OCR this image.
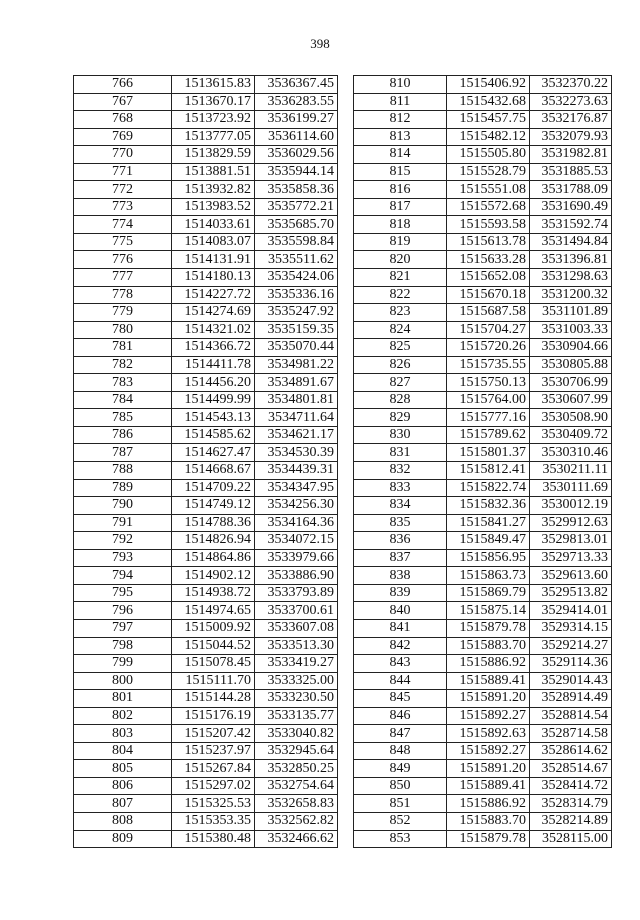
398
766	1513615.83	3536367.45
767	1513670.17	3536283.55
768	1513723.92	3536199.27
769	1513777.05	3536114.60
770	1513829.59	3536029.56
771	1513881.51	3535944.14
772	1513932.82	3535858.36
773	1513983.52	3535772.21
774	1514033.61	3535685.70
775	1514083.07	3535598.84
776	1514131.91	3535511.62
777	1514180.13	3535424.06
778	1514227.72	3535336.16
779	1514274.69	3535247.92
780	1514321.02	3535159.35
781	1514366.72	3535070.44
782	1514411.78	3534981.22
783	1514456.20	3534891.67
784	1514499.99	3534801.81
785	1514543.13	3534711.64
786	1514585.62	3534621.17
787	1514627.47	3534530.39
788	1514668.67	3534439.31
789	1514709.22	3534347.95
790	1514749.12	3534256.30
791	1514788.36	3534164.36
792	1514826.94	3534072.15
793	1514864.86	3533979.66
794	1514902.12	3533886.90
795	1514938.72	3533793.89
796	1514974.65	3533700.61
797	1515009.92	3533607.08
798	1515044.52	3533513.30
799	1515078.45	3533419.27
800	1515111.70	3533325.00
801	1515144.28	3533230.50
802	1515176.19	3533135.77
803	1515207.42	3533040.82
804	1515237.97	3532945.64
805	1515267.84	3532850.25
806	1515297.02	3532754.64
807	1515325.53	3532658.83
808	1515353.35	3532562.82
809	1515380.48	3532466.62
810	1515406.92	3532370.22
811	1515432.68	3532273.63
812	1515457.75	3532176.87
813	1515482.12	3532079.93
814	1515505.80	3531982.81
815	1515528.79	3531885.53
816	1515551.08	3531788.09
817	1515572.68	3531690.49
818	1515593.58	3531592.74
819	1515613.78	3531494.84
820	1515633.28	3531396.81
821	1515652.08	3531298.63
822	1515670.18	3531200.32
823	1515687.58	3531101.89
824	1515704.27	3531003.33
825	1515720.26	3530904.66
826	1515735.55	3530805.88
827	1515750.13	3530706.99
828	1515764.00	3530607.99
829	1515777.16	3530508.90
830	1515789.62	3530409.72
831	1515801.37	3530310.46
832	1515812.41	3530211.11
833	1515822.74	3530111.69
834	1515832.36	3530012.19
835	1515841.27	3529912.63
836	1515849.47	3529813.01
837	1515856.95	3529713.33
838	1515863.73	3529613.60
839	1515869.79	3529513.82
840	1515875.14	3529414.01
841	1515879.78	3529314.15
842	1515883.70	3529214.27
843	1515886.92	3529114.36
844	1515889.41	3529014.43
845	1515891.20	3528914.49
846	1515892.27	3528814.54
847	1515892.63	3528714.58
848	1515892.27	3528614.62
849	1515891.20	3528514.67
850	1515889.41	3528414.72
851	1515886.92	3528314.79
852	1515883.70	3528214.89
853	1515879.78	3528115.00
